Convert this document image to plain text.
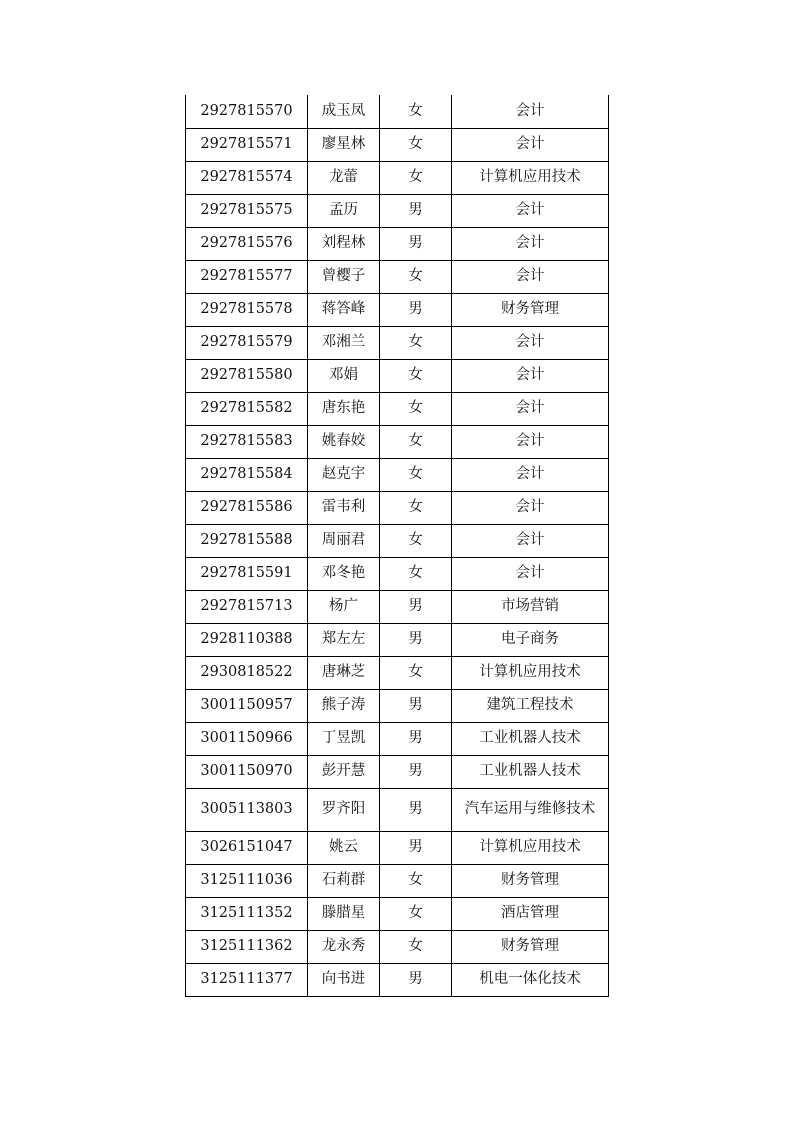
2927815570	成玉凤	女	会计
2927815571	廖星林	女	会计
2927815574	龙蕾	女	计算机应用技术
2927815575	孟历	男	会计
2927815576	刘程林	男	会计
2927815577	曾樱子	女	会计
2927815578	蒋答峰	男	财务管理
2927815579	邓湘兰	女	会计
2927815580	邓娟	女	会计
2927815582	唐东艳	女	会计
2927815583	姚春姣	女	会计
2927815584	赵克宇	女	会计
2927815586	雷韦利	女	会计
2927815588	周丽君	女	会计
2927815591	邓冬艳	女	会计
2927815713	杨广	男	市场营销
2928110388	郑左左	男	电子商务
2930818522	唐琳芝	女	计算机应用技术
3001150957	熊子涛	男	建筑工程技术
3001150966	丁昱凯	男	工业机器人技术
3001150970	彭开慧	男	工业机器人技术
3005113803	罗齐阳	男	汽车运用与维修技术
3026151047	姚云	男	计算机应用技术
3125111036	石莉群	女	财务管理
3125111352	滕腊星	女	酒店管理
3125111362	龙永秀	女	财务管理
3125111377	向书进	男	机电一体化技术
